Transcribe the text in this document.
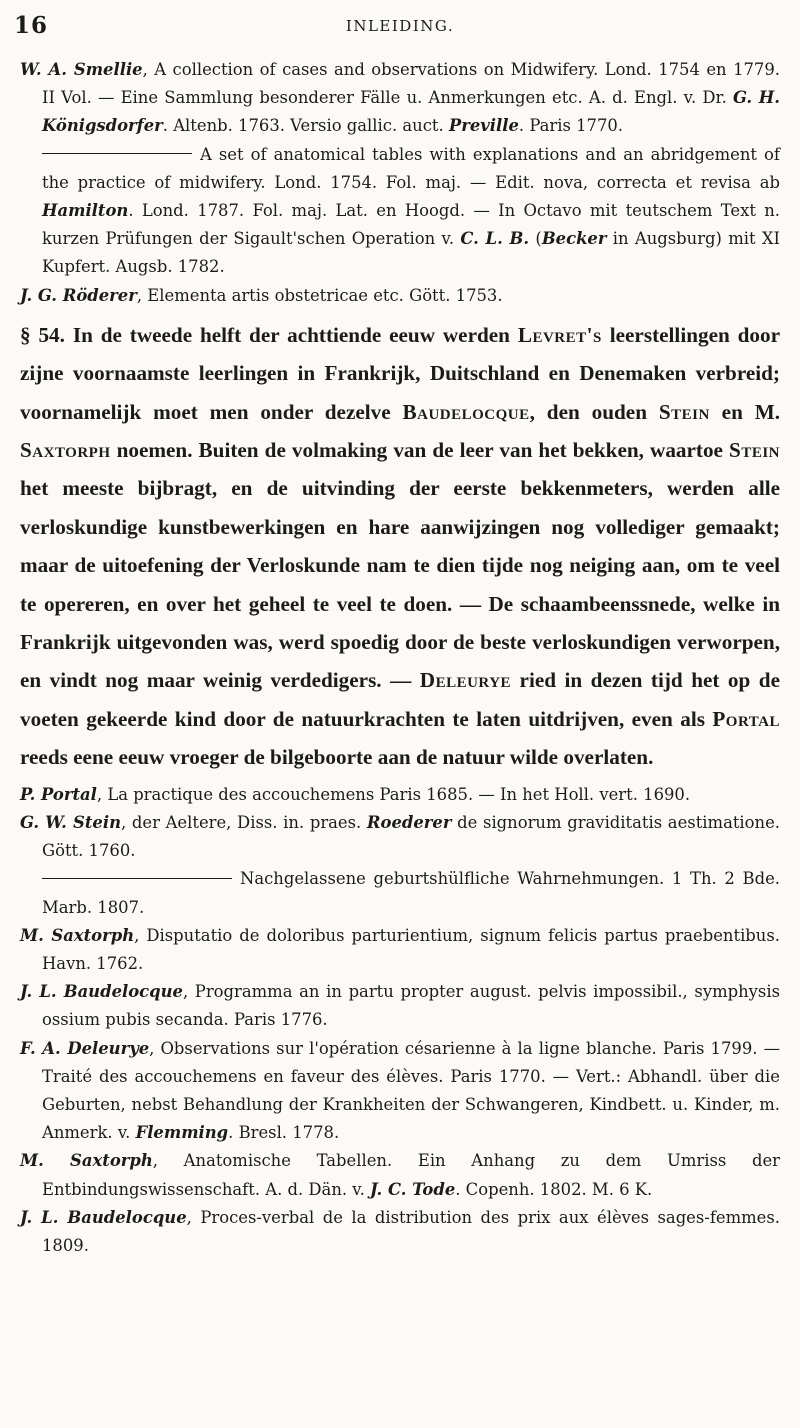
16	INLEIDING.

W. A. Smellie, A collection of cases and observations on Midwifery. Lond. 1754 en 1779. II Vol. — Eine Sammlung besonderer Fälle u. Anmerkungen etc. A. d. Engl. v. Dr. G. H. Königsdorfer. Altenb. 1763. Versio gallic. auct. Preville. Paris 1770.

A set of anatomical tables with explanations and an abridgement of the practice of midwifery. Lond. 1754. Fol. maj. — Edit. nova, correcta et revisa ab Hamilton. Lond. 1787. Fol. maj. Lat. en Hoogd. — In Octavo mit teutschem Text n. kurzen Prüfungen der Sigault'schen Operation v. C. L. B. (Becker in Augsburg) mit XI Kupfert. Augsb. 1782.

J. G. Röderer, Elementa artis obstetricae etc. Gött. 1753.

§ 54. In de tweede helft der achttiende eeuw werden Levret's leerstellingen door zijne voornaamste leerlingen in Frankrijk, Duitschland en Denemaken verbreid; voornamelijk moet men onder dezelve Baudelocque, den ouden Stein en M. Saxtorph noemen. Buiten de volmaking van de leer van het bekken, waartoe Stein het meeste bijbragt, en de uitvinding der eerste bekkenmeters, werden alle verloskundige kunstbewerkingen en hare aanwijzingen nog vollediger gemaakt; maar de uitoefening der Verloskunde nam te dien tijde nog neiging aan, om te veel te opereren, en over het geheel te veel te doen. — De schaambeenssnede, welke in Frankrijk uitgevonden was, werd spoedig door de beste verloskundigen verworpen, en vindt nog maar weinig verdedigers. — Deleurye ried in dezen tijd het op de voeten gekeerde kind door de natuurkrachten te laten uitdrijven, even als Portal reeds eene eeuw vroeger de bilgeboorte aan de natuur wilde overlaten.

P. Portal, La practique des accouchemens Paris 1685. — In het Holl. vert. 1690.

G. W. Stein, der Aeltere, Diss. in. praes. Roederer de signorum graviditatis aestimatione. Gött. 1760.

Nachgelassene geburtshülfliche Wahrnehmungen. 1 Th. 2 Bde. Marb. 1807.

M. Saxtorph, Disputatio de doloribus parturientium, signum felicis partus praebentibus. Havn. 1762.

J. L. Baudelocque, Programma an in partu propter august. pelvis impossibil., symphysis ossium pubis secanda. Paris 1776.

F. A. Deleurye, Observations sur l'opération césarienne à la ligne blanche. Paris 1799. — Traité des accouchemens en faveur des élèves. Paris 1770. — Vert.: Abhandl. über die Geburten, nebst Behandlung der Krankheiten der Schwangeren, Kindbett. u. Kinder, m. Anmerk. v. Flemming. Bresl. 1778.

M. Saxtorph, Anatomische Tabellen. Ein Anhang zu dem Umriss der Entbindungswissenschaft. A. d. Dän. v. J. C. Tode. Copenh. 1802. M. 6 K.

J. L. Baudelocque, Proces-verbal de la distribution des prix aux élèves sages-femmes. 1809.
